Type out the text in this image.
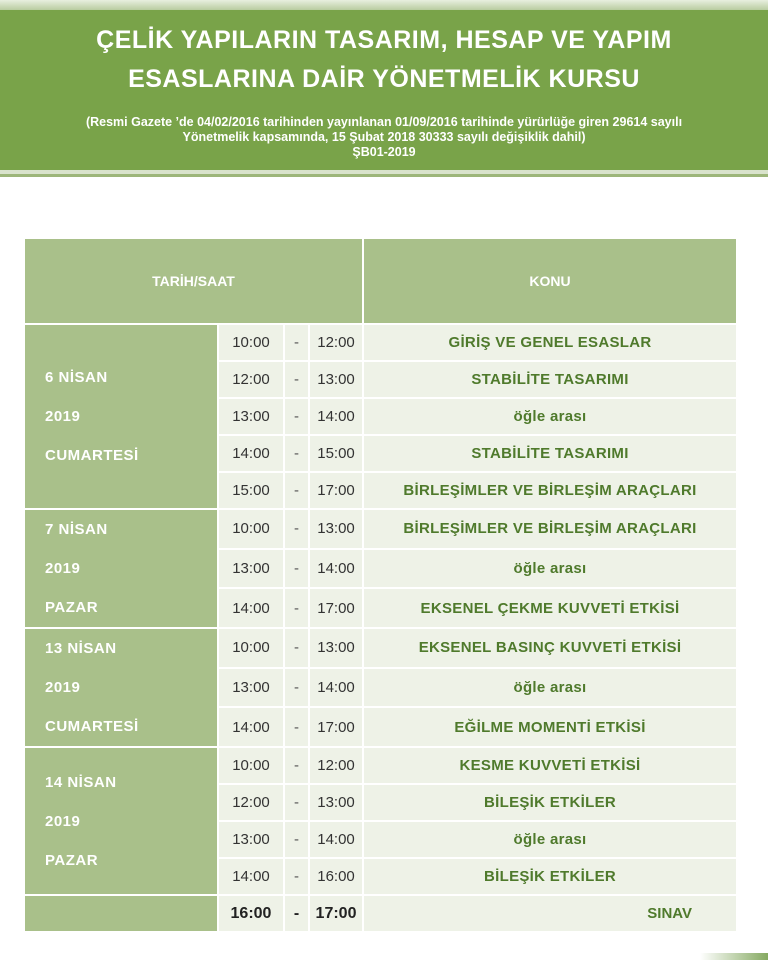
ÇELİK YAPILARIN TASARIM, HESAP VE YAPIM
ESASLARINA DAİR YÖNETMELİK KURSU
(Resmi Gazete ’de 04/02/2016 tarihinden yayınlanan 01/09/2016 tarihinde yürürlüğe giren 29614 sayılı
Yönetmelik kapsamında, 15 Şubat 2018 30333 sayılı değişiklik dahil)
ŞB01-2019
TARİH/SAAT				KONU

6 NİSAN
2019
CUMARTESİ	10:00	-	12:00	GİRİŞ VE GENEL ESASLAR
	12:00	-	13:00	STABİLİTE TASARIMI
	13:00	-	14:00	öğle arası
	14:00	-	15:00	STABİLİTE TASARIMI
	15:00	-	17:00	BİRLEŞİMLER VE BİRLEŞİM ARAÇLARI

7 NİSAN
2019
PAZAR	10:00	-	13:00	BİRLEŞİMLER VE BİRLEŞİM ARAÇLARI
	13:00	-	14:00	öğle arası
	14:00	-	17:00	EKSENEL ÇEKME KUVVETİ ETKİSİ

13 NİSAN
2019
CUMARTESİ	10:00	-	13:00	EKSENEL BASINÇ KUVVETİ ETKİSİ
	13:00	-	14:00	öğle arası
	14:00	-	17:00	EĞİLME MOMENTİ ETKİSİ

14 NİSAN
2019
PAZAR	10:00	-	12:00	KESME KUVVETİ ETKİSİ
	12:00	-	13:00	BİLEŞİK ETKİLER
	13:00	-	14:00	öğle arası
	14:00	-	16:00	BİLEŞİK ETKİLER
	16:00	-	17:00	SINAV
